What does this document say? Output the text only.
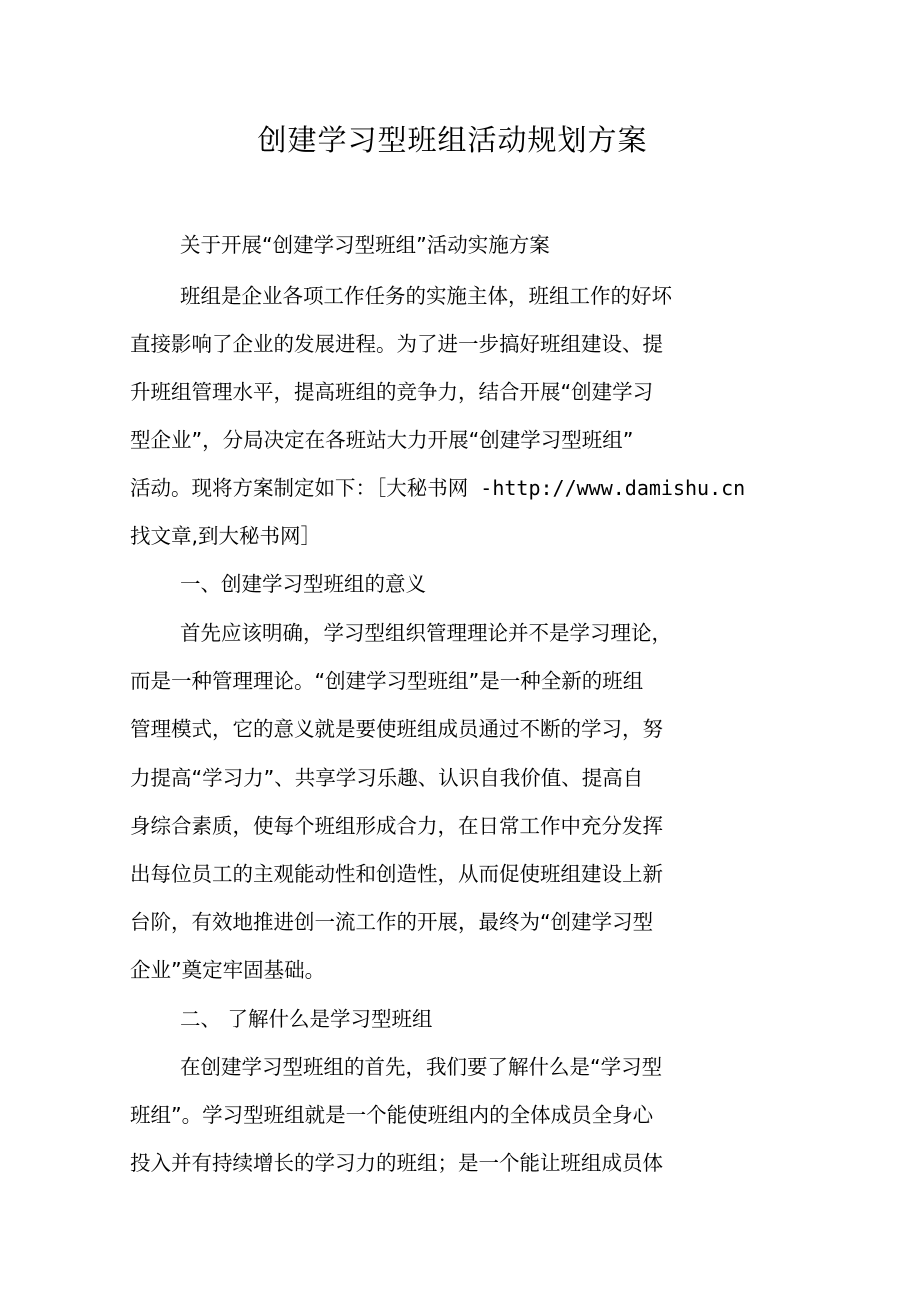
创建学习型班组活动规划方案
关于开展“创建学习型班组”活动实施方案
班组是企业各项工作任务的实施主体，班组工作的好坏
直接影响了企业的发展进程。为了进一步搞好班组建设、提
升班组管理水平，提高班组的竞争力，结合开展“创建学习
型企业”，分局决定在各班站大力开展“创建学习型班组”
活动。现将方案制定如下：［大秘书网 -http://www.damishu.cn
找文章,到大秘书网］
一、创建学习型班组的意义
首先应该明确，学习型组织管理理论并不是学习理论，
而是一种管理理论。“创建学习型班组”是一种全新的班组
管理模式，它的意义就是要使班组成员通过不断的学习，努
力提高“学习力”、共享学习乐趣、认识自我价值、提高自
身综合素质，使每个班组形成合力，在日常工作中充分发挥
出每位员工的主观能动性和创造性，从而促使班组建设上新
台阶，有效地推进创一流工作的开展，最终为“创建学习型
企业”奠定牢固基础。
二、 了解什么是学习型班组
在创建学习型班组的首先，我们要了解什么是“学习型
班组”。学习型班组就是一个能使班组内的全体成员全身心
投入并有持续增长的学习力的班组；是一个能让班组成员体
